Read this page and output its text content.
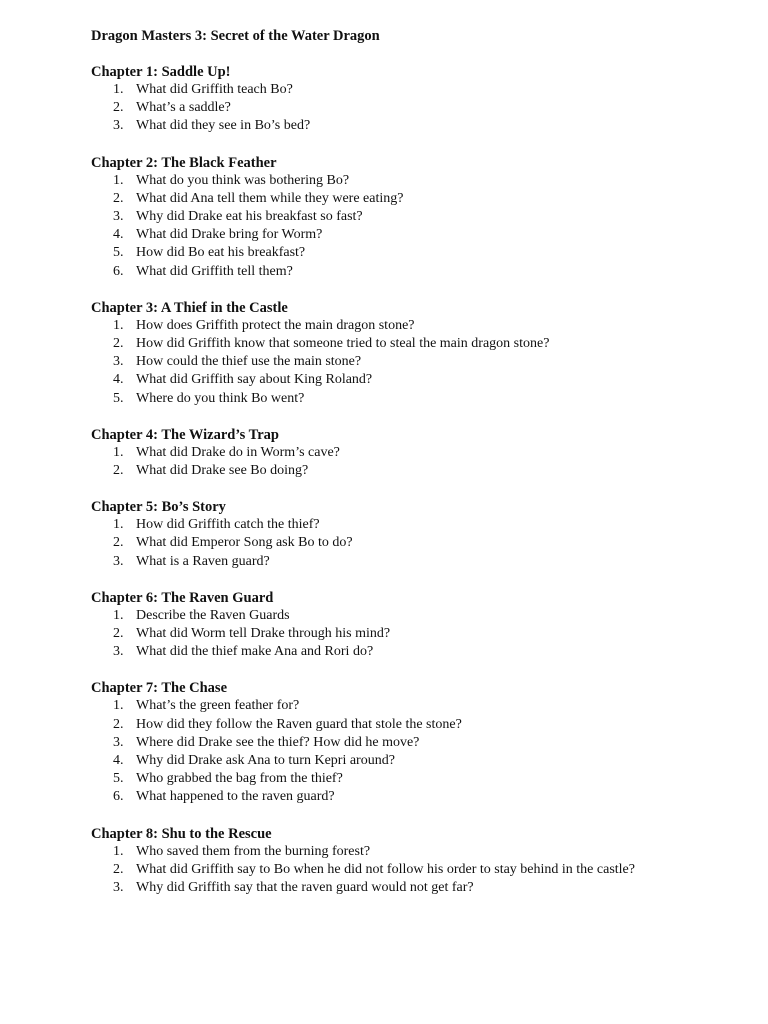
Dragon Masters 3: Secret of the Water Dragon
Chapter 1: Saddle Up!
1. What did Griffith teach Bo?
2. What’s a saddle?
3. What did they see in Bo’s bed?
Chapter 2: The Black Feather
1. What do you think was bothering Bo?
2. What did Ana tell them while they were eating?
3. Why did Drake eat his breakfast so fast?
4. What did Drake bring for Worm?
5. How did Bo eat his breakfast?
6. What did Griffith tell them?
Chapter 3: A Thief in the Castle
1. How does Griffith protect the main dragon stone?
2. How did Griffith know that someone tried to steal the main dragon stone?
3. How could the thief use the main stone?
4. What did Griffith say about King Roland?
5. Where do you think Bo went?
Chapter 4: The Wizard’s Trap
1. What did Drake do in Worm’s cave?
2. What did Drake see Bo doing?
Chapter 5: Bo’s Story
1. How did Griffith catch the thief?
2. What did Emperor Song ask Bo to do?
3. What is a Raven guard?
Chapter 6: The Raven Guard
1. Describe the Raven Guards
2. What did Worm tell Drake through his mind?
3. What did the thief make Ana and Rori do?
Chapter 7: The Chase
1. What’s the green feather for?
2. How did they follow the Raven guard that stole the stone?
3. Where did Drake see the thief? How did he move?
4. Why did Drake ask Ana to turn Kepri around?
5. Who grabbed the bag from the thief?
6. What happened to the raven guard?
Chapter 8: Shu to the Rescue
1. Who saved them from the burning forest?
2. What did Griffith say to Bo when he did not follow his order to stay behind in the castle?
3. Why did Griffith say that the raven guard would not get far?
